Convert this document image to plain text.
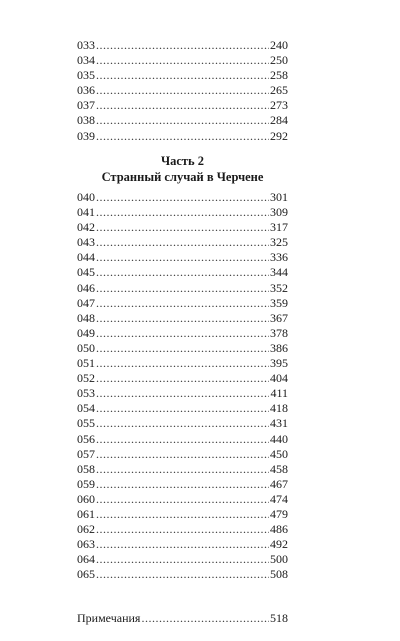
033 .....	240
034 .....	250
035 .....	258
036 .....	265
037 .....	273
038 .....	284
039 .....	292
Часть 2
Странный случай в Черчене
040 .....	301
041 .....	309
042 .....	317
043 .....	325
044 .....	336
045 .....	344
046 .....	352
047 .....	359
048 .....	367
049 .....	378
050 .....	386
051 .....	395
052 .....	404
053 .....	411
054 .....	418
055 .....	431
056 .....	440
057 .....	450
058 .....	458
059 .....	467
060 .....	474
061 .....	479
062 .....	486
063 .....	492
064 .....	500
065 .....	508
Примечания .....	518
